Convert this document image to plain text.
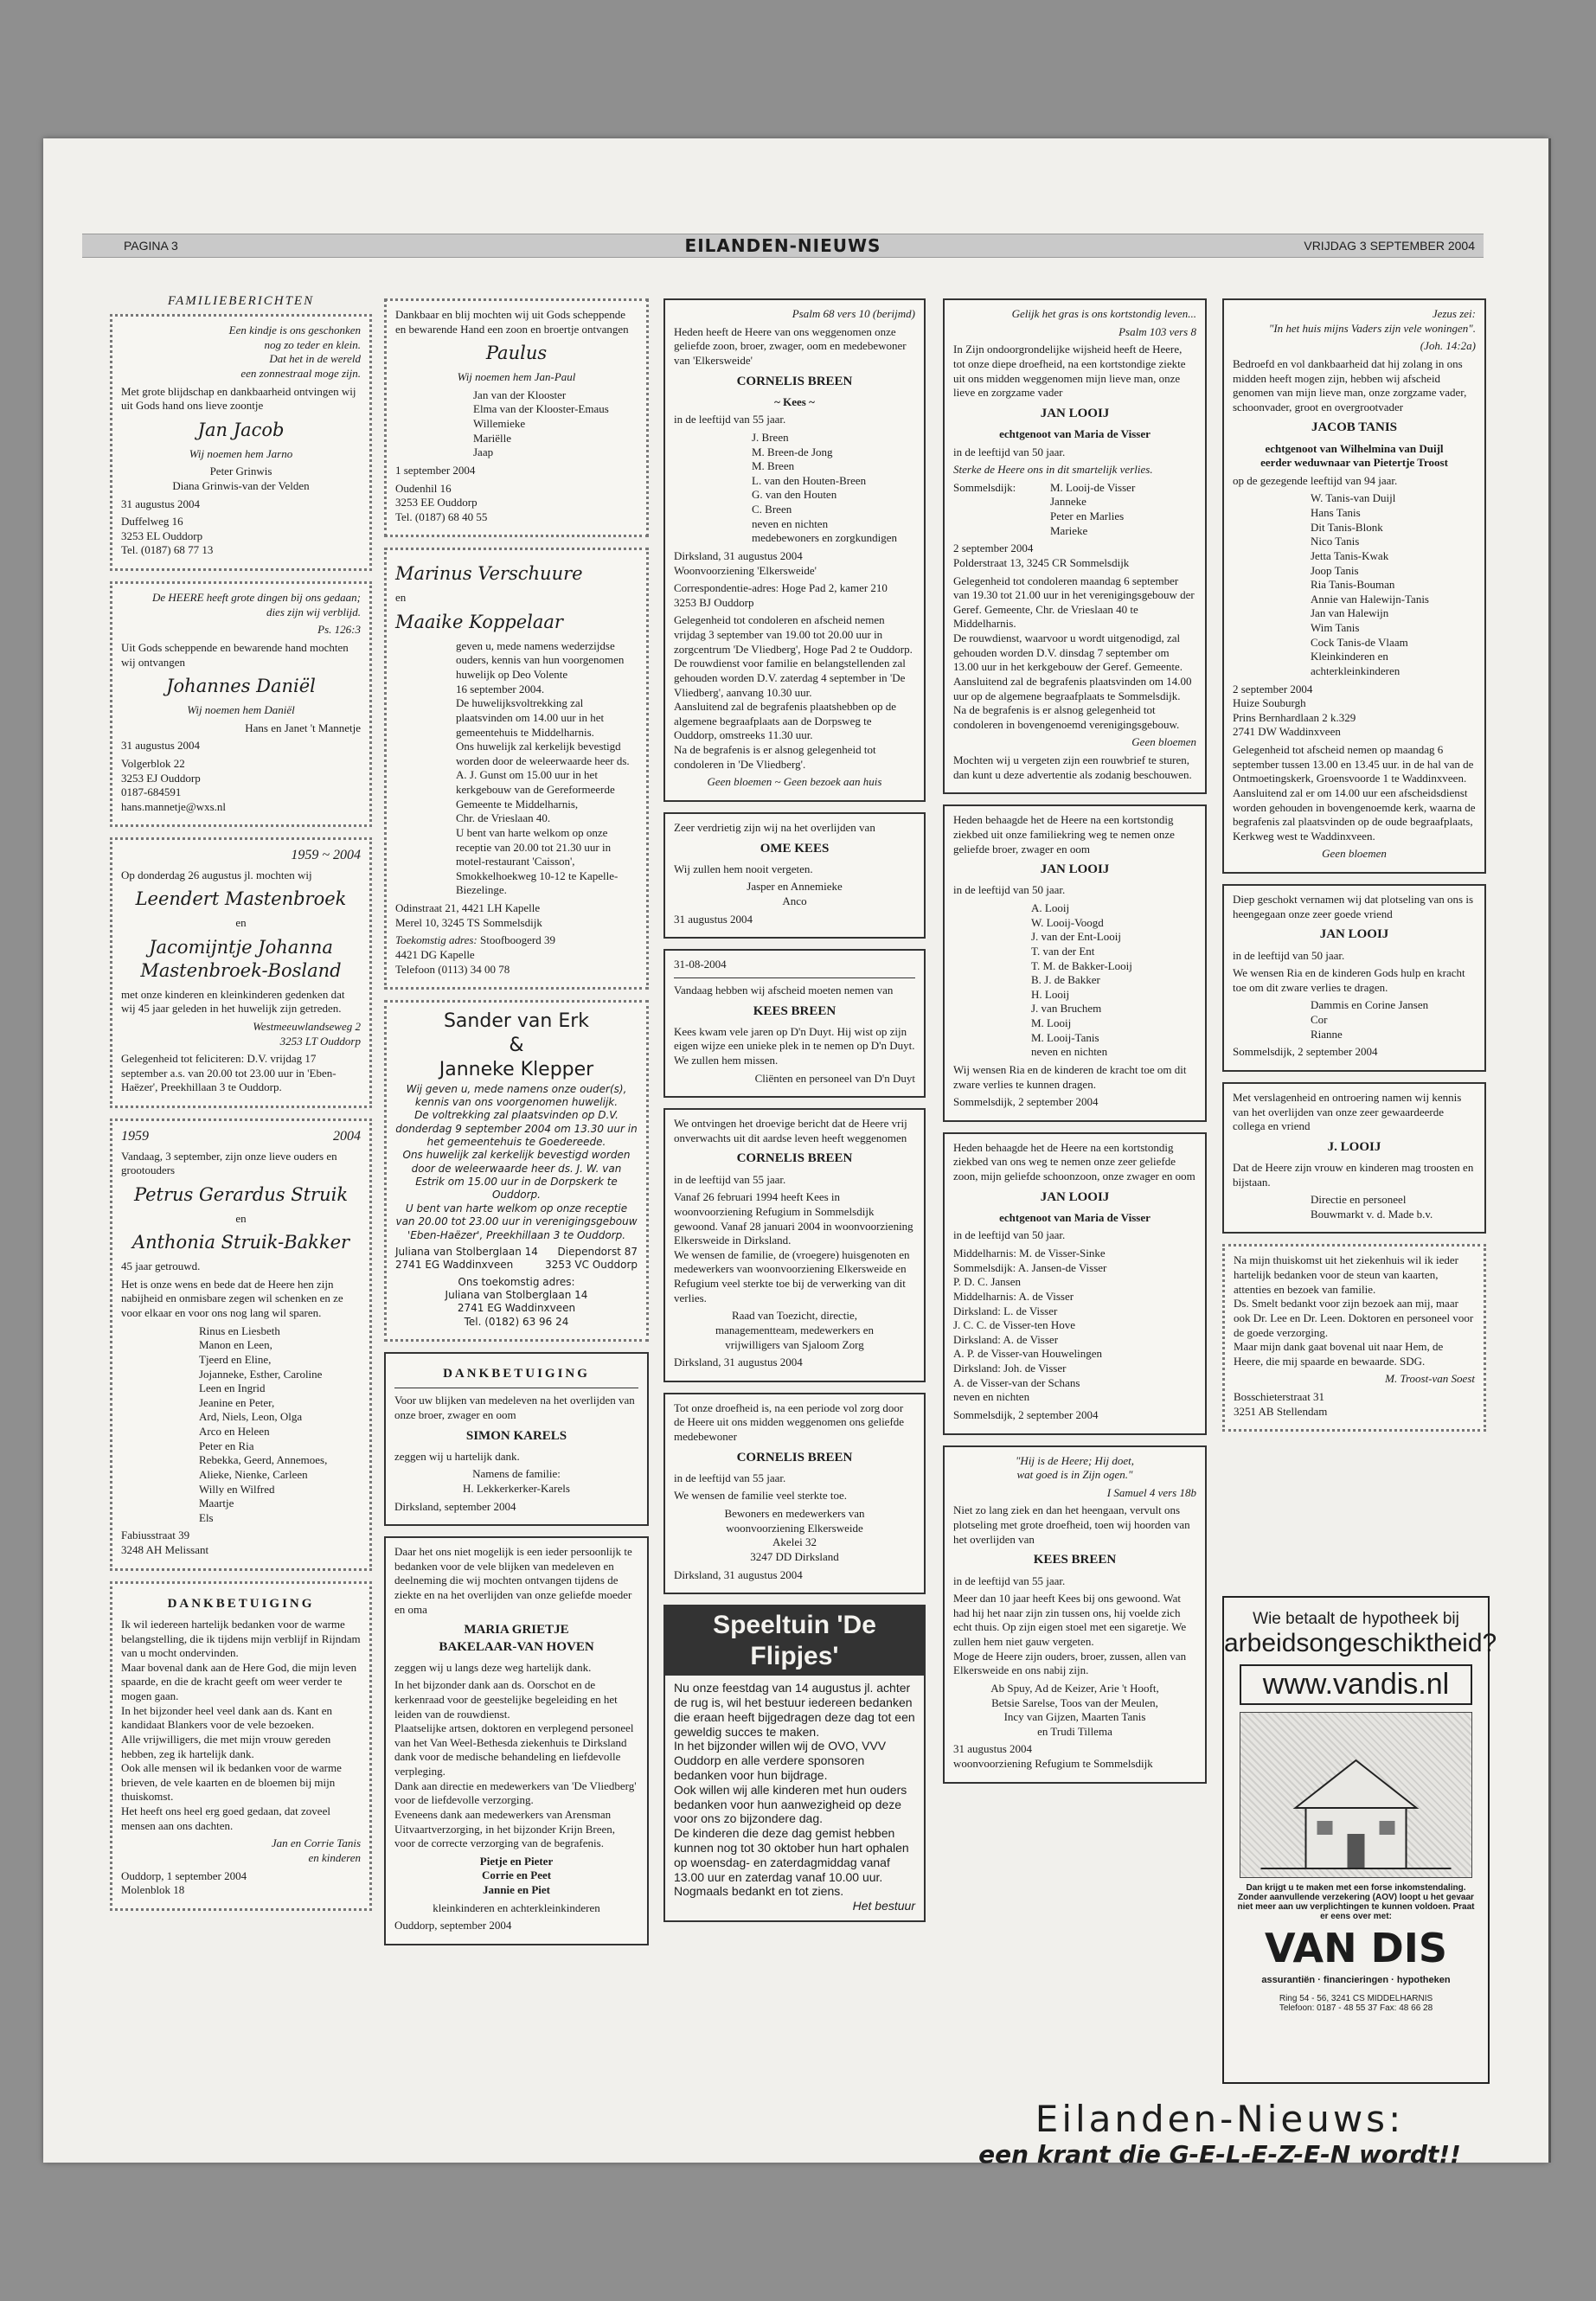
PAGINA 3	EILANDEN-NIEUWS	VRIJDAG 3 SEPTEMBER 2004
FAMILIEBERICHTEN

Een kindje is ons geschonken
nog zo teder en klein.
Dat het in de wereld
een zonnestraal moge zijn.

Met grote blijdschap en dankbaarheid ontvingen wij uit Gods hand ons lieve zoontje

Jan Jacob

Wij noemen hem Jarno

Peter Grinwis
Diana Grinwis-van der Velden

31 augustus 2004

Duffelweg 16
3253 EL Ouddorp
Tel. (0187) 68 77 13

De HEERE heeft grote dingen bij ons gedaan;
dies zijn wij verblijd.

Ps. 126:3

Uit Gods scheppende en bewarende hand mochten wij ontvangen

Johannes Daniël

Wij noemen hem Daniël

Hans en Janet 't Mannetje

31 augustus 2004

Volgerblok 22
3253 EJ Ouddorp
0187-684591
hans.mannetje@wxs.nl

1959 ~ 2004

Op donderdag 26 augustus jl. mochten wij

Leendert Mastenbroek

en

Jacomijntje Johanna Mastenbroek-Bosland

met onze kinderen en kleinkinderen gedenken dat wij 45 jaar geleden in het huwelijk zijn getreden.

Westmeeuwlandseweg 2
3253 LT Ouddorp

Gelegenheid tot feliciteren: D.V. vrijdag 17 september a.s. van 20.00 tot 23.00 uur in 'Eben-Haëzer', Preekhillaan 3 te Ouddorp.

1959	2004

Vandaag, 3 september, zijn onze lieve ouders en grootouders

Petrus Gerardus Struik

en

Anthonia Struik-Bakker

45 jaar getrouwd.

Het is onze wens en bede dat de Heere hen zijn nabijheid en onmisbare zegen wil schenken en ze voor elkaar en voor ons nog lang wil sparen.

Rinus en Liesbeth
Manon en Leen,
Tjeerd en Eline,
Jojanneke, Esther, Caroline
Leen en Ingrid
Jeanine en Peter,
Ard, Niels, Leon, Olga
Arco en Heleen
Peter en Ria
Rebekka, Geerd, Annemoes,
Alieke, Nienke, Carleen
Willy en Wilfred
Maartje
Els

Fabiusstraat 39
3248 AH Melissant

DANKBETUIGING

Ik wil iedereen hartelijk bedanken voor de warme belangstelling, die ik tijdens mijn verblijf in Rijndam van u mocht ondervinden.
Maar bovenal dank aan de Here God, die mijn leven spaarde, en die de kracht geeft om weer verder te mogen gaan.
In het bijzonder heel veel dank aan ds. Kant en kandidaat Blankers voor de vele bezoeken.
Alle vrijwilligers, die met mijn vrouw gereden hebben, zeg ik hartelijk dank.
Ook alle mensen wil ik bedanken voor de warme brieven, de vele kaarten en de bloemen bij mijn thuiskomst.
Het heeft ons heel erg goed gedaan, dat zoveel mensen aan ons dachten.

Jan en Corrie Tanis
en kinderen

Ouddorp, 1 september 2004
Molenblok 18

Dankbaar en blij mochten wij uit Gods scheppende en bewarende Hand een zoon en broertje ontvangen

Paulus

Wij noemen hem Jan-Paul

Jan van der Klooster
Elma van der Klooster-Emaus
Willemieke
Mariëlle
Jaap

1 september 2004

Oudenhil 16
3253 EE Ouddorp
Tel. (0187) 68 40 55

Marinus Verschuure

en

Maaike Koppelaar

geven u, mede namens wederzijdse ouders, kennis van hun voorgenomen huwelijk op Deo Volente
16 september 2004.
De huwelijksvoltrekking zal plaatsvinden om 14.00 uur in het gemeentehuis te Middelharnis.
Ons huwelijk zal kerkelijk bevestigd worden door de weleerwaarde heer ds. A. J. Gunst om 15.00 uur in het kerkgebouw van de Gereformeerde Gemeente te Middelharnis,
Chr. de Vrieslaan 40.
U bent van harte welkom op onze receptie van 20.00 tot 21.30 uur in motel-restaurant 'Caisson', Smokkelhoekweg 10-12 te Kapelle-Biezelinge.

Odinstraat 21, 4421 LH Kapelle
Merel 10, 3245 TS Sommelsdijk

Toekomstig adres: Stoofboogerd 39
4421 DG Kapelle
Telefoon (0113) 34 00 78

Sander van Erk
&
Janneke Klepper

Wij geven u, mede namens onze ouder(s), kennis van ons voorgenomen huwelijk.
De voltrekking zal plaatsvinden op D.V. donderdag 9 september 2004 om 13.30 uur in het gemeentehuis te Goedereede.
Ons huwelijk zal kerkelijk bevestigd worden door de weleerwaarde heer ds. J. W. van Estrik om 15.00 uur in de Dorpskerk te Ouddorp.
U bent van harte welkom op onze receptie van 20.00 tot 23.00 uur in verenigingsgebouw 'Eben-Haëzer', Preekhillaan 3 te Ouddorp.

Juliana van Stolberglaan 14
2741 EG Waddinxveen
Diependorst 87
3253 VC Ouddorp

Ons toekomstig adres:
Juliana van Stolberglaan 14
2741 EG Waddinxveen
Tel. (0182) 63 96 24

DANKBETUIGING

Voor uw blijken van medeleven na het overlijden van onze broer, zwager en oom

SIMON KARELS

zeggen wij u hartelijk dank.

Namens de familie:
H. Lekkerkerker-Karels

Dirksland, september 2004

Daar het ons niet mogelijk is een ieder persoonlijk te bedanken voor de vele blijken van medeleven en deelneming die wij mochten ontvangen tijdens de ziekte en na het overlijden van onze geliefde moeder en oma

MARIA GRIETJE
BAKELAAR-VAN HOVEN

zeggen wij u langs deze weg hartelijk dank.

In het bijzonder dank aan ds. Oorschot en de kerkenraad voor de geestelijke begeleiding en het leiden van de rouwdienst.
Plaatselijke artsen, doktoren en verplegend personeel van het Van Weel-Bethesda ziekenhuis te Dirksland dank voor de medische behandeling en liefdevolle verpleging.
Dank aan directie en medewerkers van 'De Vliedberg' voor de liefdevolle verzorging.
Eveneens dank aan medewerkers van Arensman Uitvaartverzorging, in het bijzonder Krijn Breen, voor de correcte verzorging van de begrafenis.

Pietje en Pieter
Corrie en Peet
Jannie en Piet

kleinkinderen en achterkleinkinderen

Ouddorp, september 2004

Psalm 68 vers 10 (berijmd)

Heden heeft de Heere van ons weggenomen onze geliefde zoon, broer, zwager, oom en medebewoner van 'Elkersweide'

CORNELIS BREEN

~ Kees ~

in de leeftijd van 55 jaar.

J. Breen
M. Breen-de Jong
M. Breen
L. van den Houten-Breen
G. van den Houten
C. Breen
neven en nichten
medebewoners en zorgkundigen

Dirksland, 31 augustus 2004
Woonvoorziening 'Elkersweide'

Correspondentie-adres: Hoge Pad 2, kamer 210
3253 BJ Ouddorp

Gelegenheid tot condoleren en afscheid nemen vrijdag 3 september van 19.00 tot 20.00 uur in zorgcentrum 'De Vliedberg', Hoge Pad 2 te Ouddorp.
De rouwdienst voor familie en belangstellenden zal gehouden worden D.V. zaterdag 4 september in 'De Vliedberg', aanvang 10.30 uur.
Aansluitend zal de begrafenis plaatshebben op de algemene begraafplaats aan de Dorpsweg te Ouddorp, omstreeks 11.30 uur.
Na de begrafenis is er alsnog gelegenheid tot condoleren in 'De Vliedberg'.

Geen bloemen ~ Geen bezoek aan huis

Zeer verdrietig zijn wij na het overlijden van

OME KEES

Wij zullen hem nooit vergeten.

Jasper en Annemieke
Anco

31 augustus 2004

31-08-2004

Vandaag hebben wij afscheid moeten nemen van

KEES BREEN

Kees kwam vele jaren op D'n Duyt. Hij wist op zijn eigen wijze een unieke plek in te nemen op D'n Duyt.
We zullen hem missen.

Cliënten en personeel van D'n Duyt

We ontvingen het droevige bericht dat de Heere vrij onverwachts uit dit aardse leven heeft weggenomen

CORNELIS BREEN

in de leeftijd van 55 jaar.

Vanaf 26 februari 1994 heeft Kees in woonvoorziening Refugium in Sommelsdijk gewoond. Vanaf 28 januari 2004 in woonvoorziening Elkersweide in Dirksland.
We wensen de familie, de (vroegere) huisgenoten en medewerkers van woonvoorziening Elkersweide en Refugium veel sterkte toe bij de verwerking van dit verlies.

Raad van Toezicht, directie,
managementteam, medewerkers en
vrijwilligers van Sjaloom Zorg

Dirksland, 31 augustus 2004

Tot onze droefheid is, na een periode vol zorg door de Heere uit ons midden weggenomen ons geliefde medebewoner

CORNELIS BREEN

in de leeftijd van 55 jaar.

We wensen de familie veel sterkte toe.

Bewoners en medewerkers van
woonvoorziening Elkersweide
Akelei 32
3247 DD Dirksland

Dirksland, 31 augustus 2004

Speeltuin 'De Flipjes'

Nu onze feestdag van 14 augustus jl. achter de rug is, wil het bestuur iedereen bedanken die eraan heeft bijgedragen deze dag tot een geweldig succes te maken.
In het bijzonder willen wij de OVO, VVV Ouddorp en alle verdere sponsoren bedanken voor hun bijdrage.
Ook willen wij alle kinderen met hun ouders bedanken voor hun aanwezigheid op deze voor ons zo bijzondere dag.
De kinderen die deze dag gemist hebben kunnen nog tot 30 oktober hun hart ophalen op woensdag- en zaterdagmiddag vanaf 13.00 uur en zaterdag vanaf 10.00 uur.
Nogmaals bedankt en tot ziens.

Het bestuur

Gelijk het gras is ons kortstondig leven...

Psalm 103 vers 8

In Zijn ondoorgrondelijke wijsheid heeft de Heere, tot onze diepe droefheid, na een kortstondige ziekte uit ons midden weggenomen mijn lieve man, onze lieve en zorgzame vader

JAN LOOIJ

echtgenoot van Maria de Visser

in de leeftijd van 50 jaar.

Sterke de Heere ons in dit smartelijk verlies.

Sommelsdijk:	M. Looij-de Visser
Janneke
Peter en Marlies
Marieke

2 september 2004
Polderstraat 13, 3245 CR Sommelsdijk

Gelegenheid tot condoleren maandag 6 september van 19.30 tot 21.00 uur in het verenigingsgebouw der Geref. Gemeente, Chr. de Vrieslaan 40 te Middelharnis.
De rouwdienst, waarvoor u wordt uitgenodigd, zal gehouden worden D.V. dinsdag 7 september om 13.00 uur in het kerkgebouw der Geref. Gemeente. Aansluitend zal de begrafenis plaatsvinden om 14.00 uur op de algemene begraafplaats te Sommelsdijk.
Na de begrafenis is er alsnog gelegenheid tot condoleren in bovengenoemd verenigingsgebouw.

Geen bloemen

Mochten wij u vergeten zijn een rouwbrief te sturen, dan kunt u deze advertentie als zodanig beschouwen.

Heden behaagde het de Heere na een kortstondig ziekbed uit onze familiekring weg te nemen onze geliefde broer, zwager en oom

JAN LOOIJ

in de leeftijd van 50 jaar.

A. Looij
W. Looij-Voogd
J. van der Ent-Looij
T. van der Ent
T. M. de Bakker-Looij
B. J. de Bakker
H. Looij
J. van Bruchem
M. Looij
M. Looij-Tanis
neven en nichten

Wij wensen Ria en de kinderen de kracht toe om dit zware verlies te kunnen dragen.

Sommelsdijk, 2 september 2004

Heden behaagde het de Heere na een kortstondig ziekbed van ons weg te nemen onze zeer geliefde zoon, mijn geliefde schoonzoon, onze zwager en oom

JAN LOOIJ

echtgenoot van Maria de Visser

in de leeftijd van 50 jaar.

Middelharnis: M. de Visser-Sinke
Sommelsdijk: A. Jansen-de Visser
P. D. C. Jansen
Middelharnis: A. de Visser
Dirksland: L. de Visser
J. C. C. de Visser-ten Hove
Dirksland: A. de Visser
A. P. de Visser-van Houwelingen
Dirksland: Joh. de Visser
A. de Visser-van der Schans
neven en nichten

Sommelsdijk, 2 september 2004

"Hij is de Heere; Hij doet,
wat goed is in Zijn ogen."

I Samuel 4 vers 18b

Niet zo lang ziek en dan het heengaan, vervult ons plotseling met grote droefheid, toen wij hoorden van het overlijden van

KEES BREEN

in de leeftijd van 55 jaar.

Meer dan 10 jaar heeft Kees bij ons gewoond. Wat had hij het naar zijn zin tussen ons, hij voelde zich echt thuis. Op zijn eigen stoel met een sigaretje. We zullen hem niet gauw vergeten.
Moge de Heere zijn ouders, broer, zussen, allen van Elkersweide en ons nabij zijn.

Ab Spuy, Ad de Keizer, Arie 't Hooft,
Betsie Sarelse, Toos van der Meulen,
Incy van Gijzen, Maarten Tanis
en Trudi Tillema

31 augustus 2004
woonvoorziening Refugium te Sommelsdijk

Jezus zei:
"In het huis mijns Vaders zijn vele woningen".

(Joh. 14:2a)

Bedroefd en vol dankbaarheid dat hij zolang in ons midden heeft mogen zijn, hebben wij afscheid genomen van mijn lieve man, onze zorgzame vader, schoonvader, groot en overgrootvader

JACOB TANIS

echtgenoot van Wilhelmina van Duijl
eerder weduwnaar van Pietertje Troost

op de gezegende leeftijd van 94 jaar.

W. Tanis-van Duijl
Hans Tanis
Dit Tanis-Blonk
Nico Tanis
Jetta Tanis-Kwak
Joop Tanis
Ria Tanis-Bouman
Annie van Halewijn-Tanis
Jan van Halewijn
Wim Tanis
Cock Tanis-de Vlaam
Kleinkinderen en
achterkleinkinderen

2 september 2004
Huize Souburgh
Prins Bernhardlaan 2 k.329
2741 DW Waddinxveen

Gelegenheid tot afscheid nemen op maandag 6 september tussen 13.00 en 13.45 uur. in de hal van de Ontmoetingskerk, Groensvoorde 1 te Waddinxveen.
Aansluitend zal er om 14.00 uur een afscheidsdienst worden gehouden in bovengenoemde kerk, waarna de begrafenis zal plaatsvinden op de oude begraafplaats, Kerkweg west te Waddinxveen.

Geen bloemen

Diep geschokt vernamen wij dat plotseling van ons is heengegaan onze zeer goede vriend

JAN LOOIJ

in de leeftijd van 50 jaar.

We wensen Ria en de kinderen Gods hulp en kracht toe om dit zware verlies te dragen.

Dammis en Corine Jansen
Cor
Rianne

Sommelsdijk, 2 september 2004

Met verslagenheid en ontroering namen wij kennis van het overlijden van onze zeer gewaardeerde collega en vriend

J. LOOIJ

Dat de Heere zijn vrouw en kinderen mag troosten en bijstaan.

Directie en personeel
Bouwmarkt v. d. Made b.v.

Na mijn thuiskomst uit het ziekenhuis wil ik ieder hartelijk bedanken voor de steun van kaarten, attenties en bezoek van familie.
Ds. Smelt bedankt voor zijn bezoek aan mij, maar ook Dr. Lee en Dr. Leen. Doktoren en personeel voor de goede verzorging.
Maar mijn dank gaat bovenal uit naar Hem, de Heere, die mij spaarde en bewaarde. SDG.

M. Troost-van Soest

Bosschieterstraat 31
3251 AB Stellendam

Wie betaalt de hypotheek bij
arbeidsongeschiktheid?
www.vandis.nl
Dan krijgt u te maken met een forse inkomstendaling. Zonder aanvullende verzekering (AOV) loopt u het gevaar niet meer aan uw verplichtingen te kunnen voldoen. Praat er eens over met:
VAN DIS
assurantiën · financieringen · hypotheken
Ring 54 - 56, 3241 CS MIDDELHARNIS
Telefoon: 0187 - 48 55 37 Fax: 48 66 28
Eilanden-Nieuws:
een krant die G-E-L-E-Z-E-N wordt!!
